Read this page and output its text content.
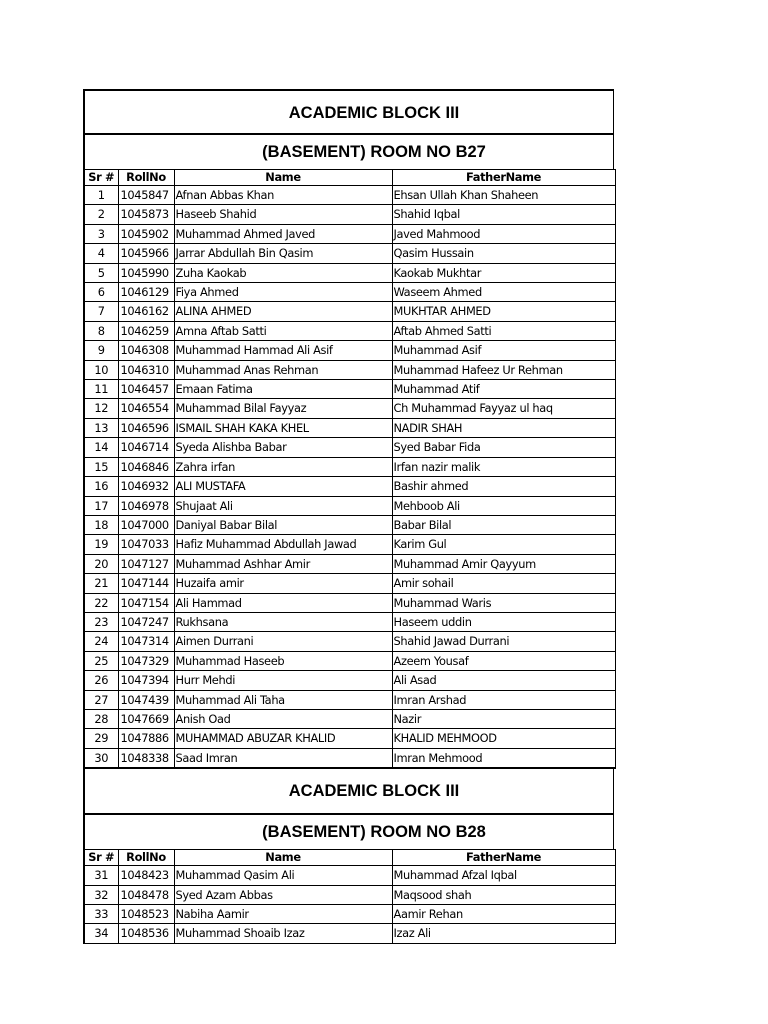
ACADEMIC BLOCK III
(BASEMENT) ROOM NO B27
Sr #	RollNo	Name	FatherName
1	1045847	Afnan Abbas Khan	Ehsan Ullah Khan Shaheen
2	1045873	Haseeb Shahid	Shahid Iqbal
3	1045902	Muhammad Ahmed Javed	Javed Mahmood
4	1045966	Jarrar Abdullah Bin Qasim	Qasim Hussain
5	1045990	Zuha Kaokab	Kaokab Mukhtar
6	1046129	Fiya Ahmed	Waseem Ahmed
7	1046162	ALINA AHMED	MUKHTAR AHMED
8	1046259	Amna Aftab Satti	Aftab Ahmed Satti
9	1046308	Muhammad Hammad Ali Asif	Muhammad Asif
10	1046310	Muhammad Anas Rehman	Muhammad Hafeez Ur Rehman
11	1046457	Emaan Fatima	Muhammad Atif
12	1046554	Muhammad Bilal Fayyaz	Ch Muhammad Fayyaz ul haq
13	1046596	ISMAIL SHAH KAKA KHEL	NADIR SHAH
14	1046714	Syeda Alishba Babar	Syed Babar Fida
15	1046846	Zahra irfan	Irfan nazir malik
16	1046932	ALI MUSTAFA	Bashir ahmed
17	1046978	Shujaat Ali	Mehboob Ali
18	1047000	Daniyal Babar Bilal	Babar Bilal
19	1047033	Hafiz Muhammad Abdullah Jawad	Karim Gul
20	1047127	Muhammad Ashhar Amir	Muhammad Amir Qayyum
21	1047144	Huzaifa amir	Amir sohail
22	1047154	Ali Hammad	Muhammad Waris
23	1047247	Rukhsana	Haseem uddin
24	1047314	Aimen Durrani	Shahid Jawad Durrani
25	1047329	Muhammad Haseeb	Azeem Yousaf
26	1047394	Hurr Mehdi	Ali Asad
27	1047439	Muhammad Ali Taha	Imran Arshad
28	1047669	Anish Oad	Nazir
29	1047886	MUHAMMAD ABUZAR KHALID	KHALID MEHMOOD
30	1048338	Saad Imran	Imran Mehmood
ACADEMIC BLOCK III
(BASEMENT) ROOM NO B28
Sr #	RollNo	Name	FatherName
31	1048423	Muhammad Qasim Ali	Muhammad Afzal Iqbal
32	1048478	Syed Azam Abbas	Maqsood shah
33	1048523	Nabiha Aamir	Aamir Rehan
34	1048536	Muhammad Shoaib Izaz	Izaz Ali
